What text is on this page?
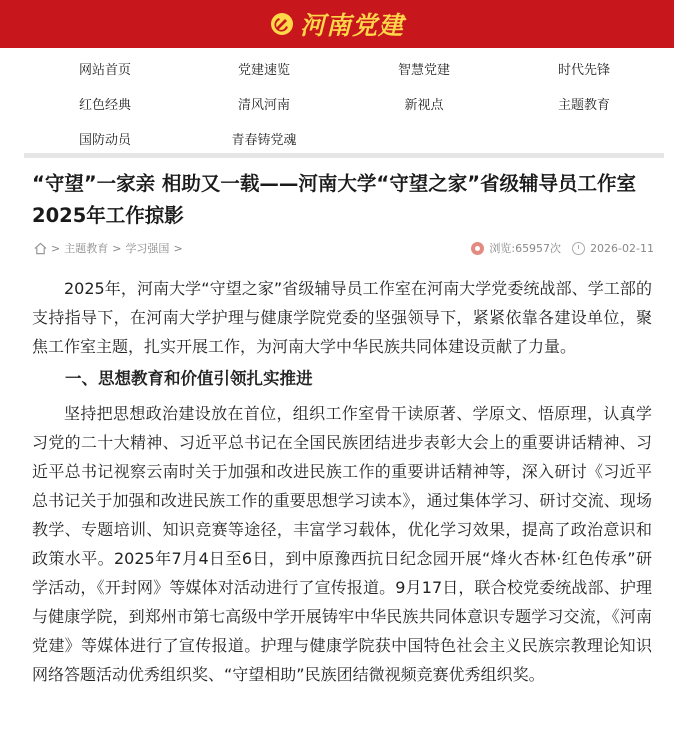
河南党建
网站首页	党建速览	智慧党建	时代先锋
红色经典	清风河南	新视点	主题教育
国防动员	青春铸党魂
“守望”一家亲 相助又一载——河南大学“守望之家”省级辅导员工作室2025年工作掠影
> 主题教育 > 学习强国 >	浏览:65957次	2026-02-11

2025年，河南大学“守望之家”省级辅导员工作室在河南大学党委统战部、学工部的支持指导下，在河南大学护理与健康学院党委的坚强领导下，紧紧依靠各建设单位，聚焦工作室主题，扎实开展工作，为河南大学中华民族共同体建设贡献了力量。

一、思想教育和价值引领扎实推进

坚持把思想政治建设放在首位，组织工作室骨干读原著、学原文、悟原理，认真学习党的二十大精神、习近平总书记在全国民族团结进步表彰大会上的重要讲话精神、习近平总书记视察云南时关于加强和改进民族工作的重要讲话精神等，深入研讨《习近平总书记关于加强和改进民族工作的重要思想学习读本》，通过集体学习、研讨交流、现场教学、专题培训、知识竞赛等途径，丰富学习载体，优化学习效果，提高了政治意识和政策水平。2025年7月4日至6日，到中原豫西抗日纪念园开展“烽火杏林·红色传承”研学活动，《开封网》等媒体对活动进行了宣传报道。9月17日，联合校党委统战部、护理与健康学院，到郑州市第七高级中学开展铸牢中华民族共同体意识专题学习交流，《河南党建》等媒体进行了宣传报道。护理与健康学院获中国特色社会主义民族宗教理论知识网络答题活动优秀组织奖、“守望相助”民族团结微视频竞赛优秀组织奖。
